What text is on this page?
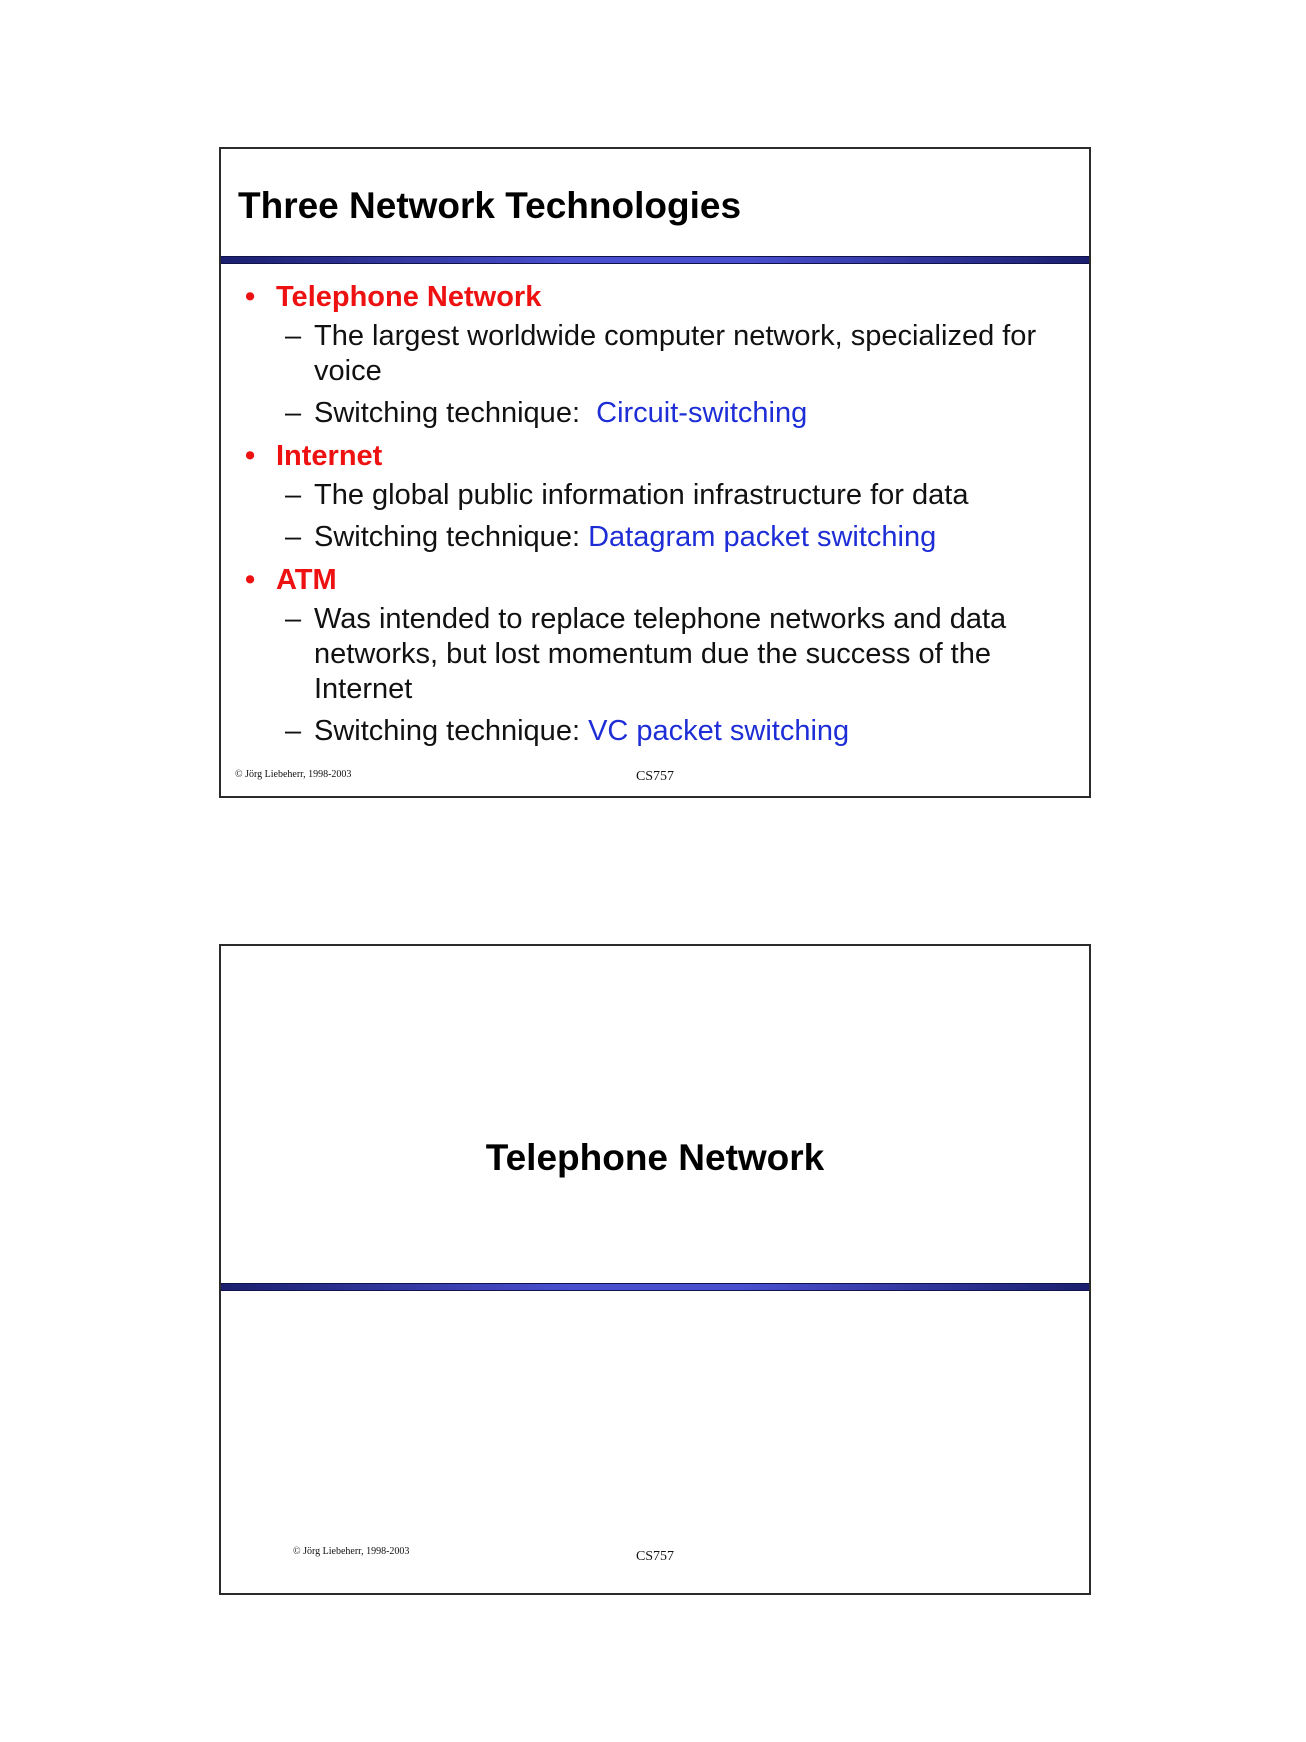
Three Network Technologies
• Telephone Network
– The largest worldwide computer network, specialized for voice
– Switching technique:  Circuit-switching
• Internet
– The global public information infrastructure for data
– Switching technique: Datagram packet switching
• ATM
– Was intended to replace telephone networks and data networks, but lost momentum due the success of the Internet
– Switching technique: VC packet switching
© Jörg Liebeherr, 1998-2003	CS757
Telephone Network
© Jörg Liebeherr, 1998-2003	CS757
